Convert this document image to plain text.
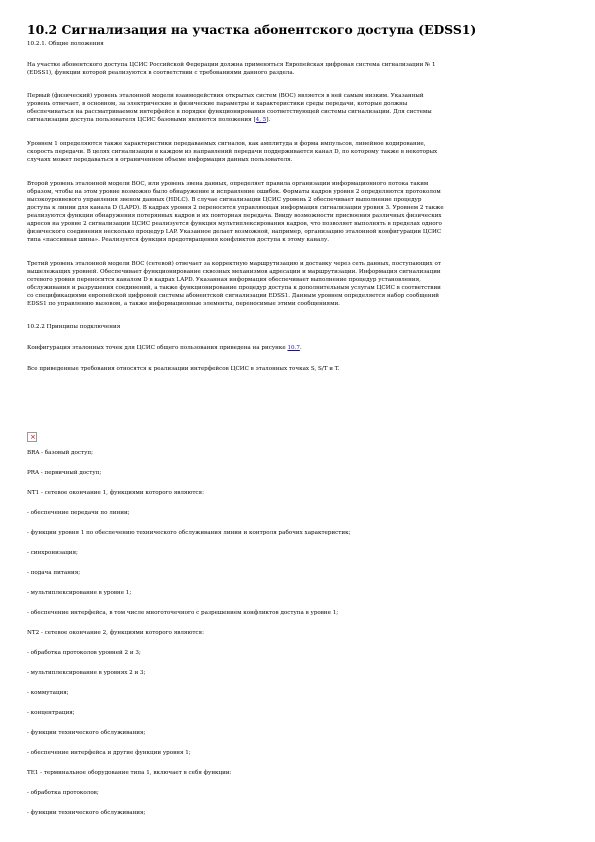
10.2 Сигнализация на участка абонентского доступа (EDSS1)
10.2.1. Общие положения
На участке абонентского доступа ЦСИС Российской Федерации должна применяться Европейская цифровая система сигнализации № 1
(EDSS1), функции которой реализуются в соответствии с требованиями данного раздела.
Первый (физический) уровень эталонной модели взаимодействия открытых систем (ВОС) является в ней самым низким. Указанный
уровень отвечает, в основном, за электрические и физические параметры и характеристики среды передачи, которые должны
обеспечиваться на рассматриваемом интерфейсе в порядке функционирования соответствующей системы сигнализации. Для системы
сигнализации доступа пользователя ЦСИС базовыми являются положения [4, 5].
Уровнем 1 определяются также характеристики передаваемых сигналов, как амплитуда и форма импульсов, линейное кодирование,
скорость передачи. В целях сигнализации в каждом из направлений передачи поддерживается канал D, по которому также в некоторых
случаях может передаваться в ограниченном объеме информация данных пользователя.
Второй уровень эталонной модели ВОС, или уровень звена данных, определяет правила организации информационного потока таким
образом, чтобы на этом уровне возможно было обнаружение и исправление ошибок. Форматы кадров уровня 2 определяются протоколом
высокоуровневого управления звеном данных (HDLC). В случае сигнализации ЦСИС уровень 2 обеспечивает выполнение процедур
доступа к линии для канала D (LAPD). В кадрах уровня 2 переносятся управляющая информация сигнализации уровня 3. Уровнем 2 также
реализуются функции обнаружения потерянных кадров и их повторная передача. Ввиду возможности присвоения различных физических
адресов на уровне 2 сигнализации ЦСИС реализуется функция мультиплексирования кадров, что позволяет выполнять в пределах одного
физического соединения несколько процедур LAP. Указанное делает возможной, например, организацию эталонной конфигурации ЦСИС
типа «пассивная шина». Реализуется функция предотвращения конфликтов доступа к этому каналу.
Третий уровень эталонной модели ВОС (сетевой) отвечает за корректную маршрутизацию и доставку через сеть данных, поступающих от
вышележащих уровней. Обеспечивает функционирование сквозных механизмов адресации и маршрутизации. Информация сигнализации
сетевого уровня переносится каналом D в кадрах LAPD. Указанная информация обеспечивает выполнение процедур установления,
обслуживания и разрушения соединений, а также функционирование процедур доступа к дополнительным услугам ЦСИС в соответствии
со спецификациями европейской цифровой системы абонентской сигнализации EDSS1. Данным уровнем определяется набор сообщений
EDSS1 по управлению вызовом, а также информационные элементы, переносимые этими сообщениями.
10.2.2 Принципы подключения
Конфигурация эталонных точек для ЦСИС общего пользования приведена на рисунке 10.7.
Все приведенные требования относятся к реализации интерфейсов ЦСИС в эталонных точках S, S/T и T.
BRA - базовый доступ;
PRA - первичный доступ;
NT1 - сетевое окончание 1, функциями которого являются:
- обеспечение передачи по линии;
- функции уровня 1 по обеспечению технического обслуживания линии и контроля рабочих характеристик;
- синхронизация;
- подача питания;
- мультиплексирование в уровне 1;
- обеспечение интерфейса, в том числе многоточечного с разрешением конфликтов доступа в уровне 1;
NT2 - сетевое окончание 2, функциями которого являются:
- обработка протоколов уровней 2 и 3;
- мультиплексирование в уровнях 2 и 3;
- коммутация;
- концентрация;
- функции технического обслуживания;
- обеспечение интерфейса и другие функции уровня 1;
TE1 - терминальное оборудование типа 1, включает в себя функции:
- обработка протоколов;
- функции технического обслуживания;
×
